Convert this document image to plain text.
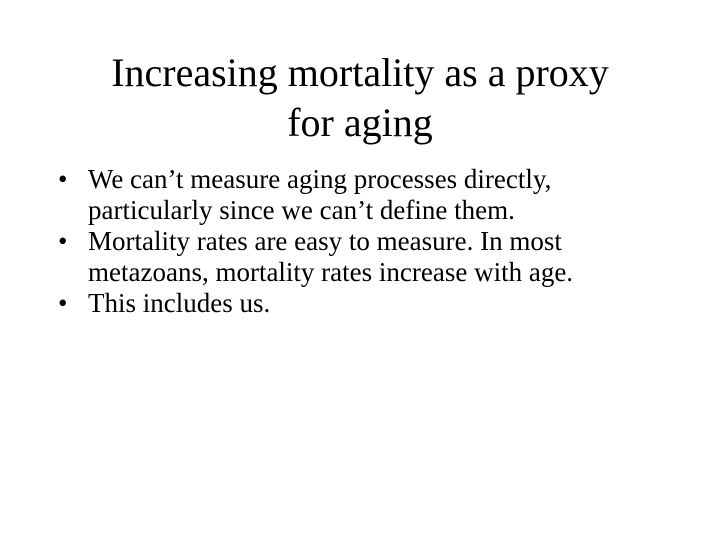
Increasing mortality as a proxy
for aging
• We can’t measure aging processes directly,
particularly since we can’t define them.
• Mortality rates are easy to measure. In most
metazoans, mortality rates increase with age.
• This includes us.
